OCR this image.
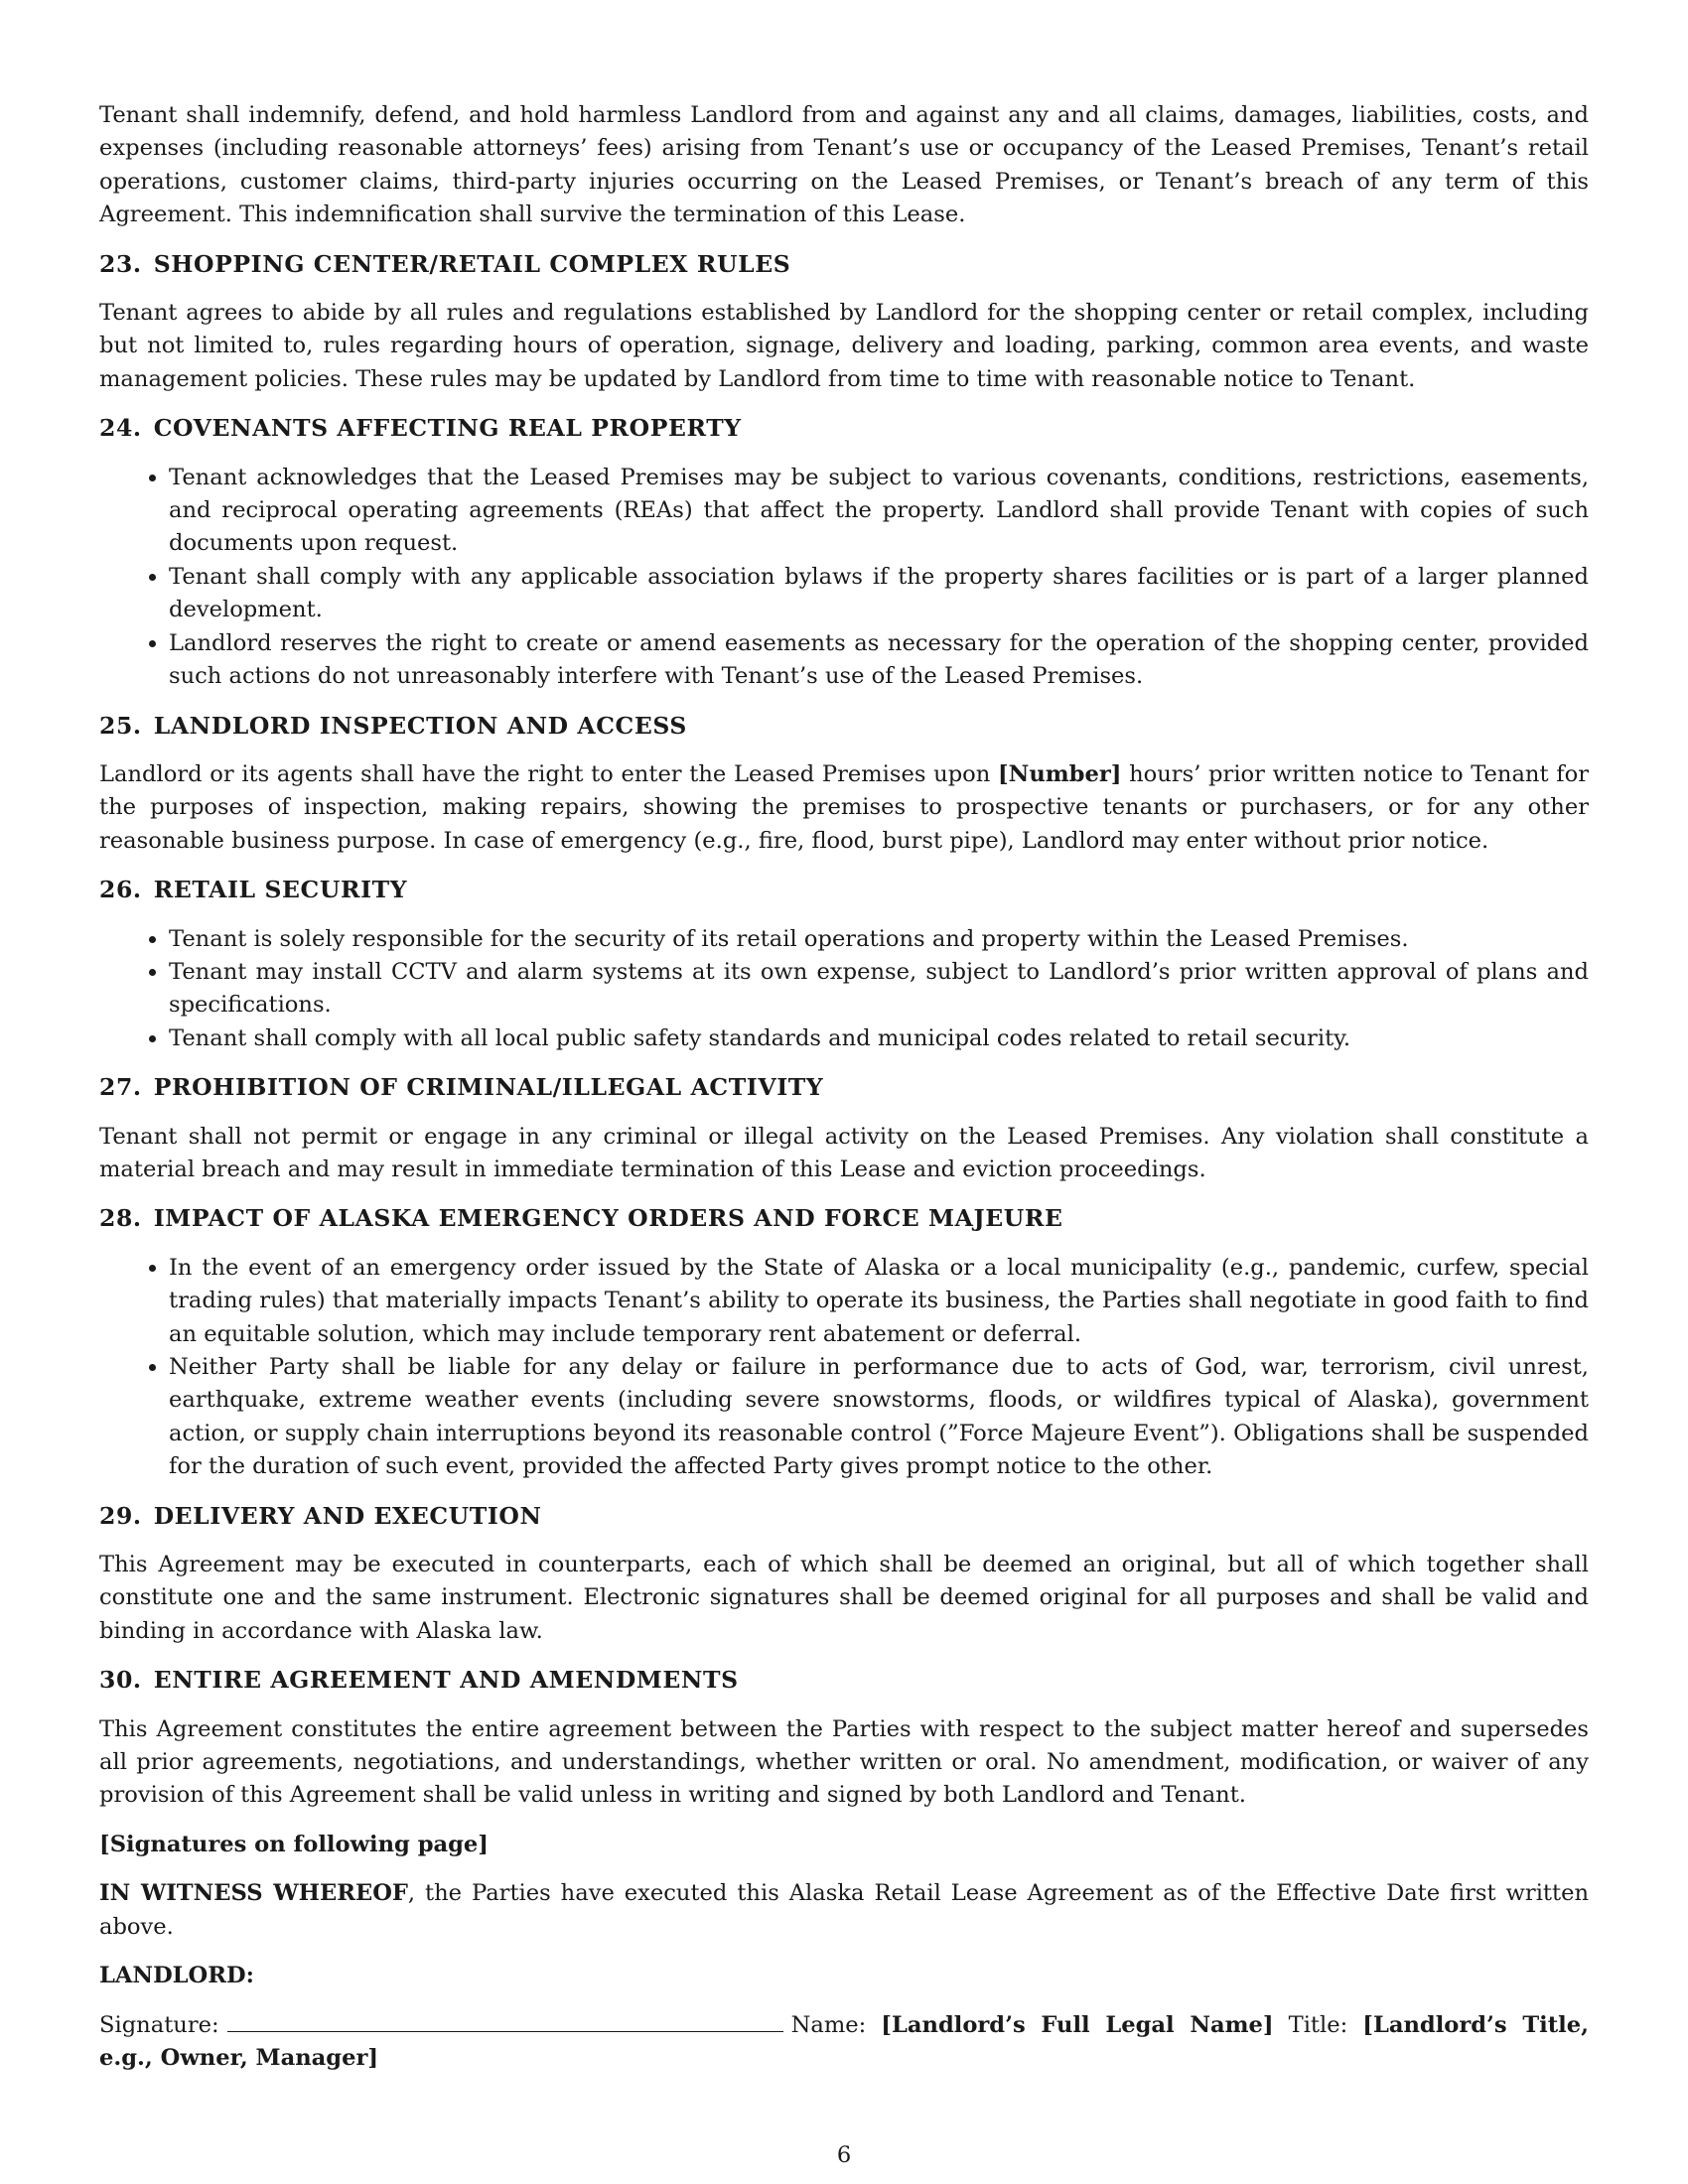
Tenant shall indemnify, defend, and hold harmless Landlord from and against any and all claims, damages, liabilities, costs, and expenses (including reasonable attorneys’ fees) arising from Tenant’s use or occupancy of the Leased Premises, Tenant’s retail operations, customer claims, third-party injuries occurring on the Leased Premises, or Tenant’s breach of any term of this Agreement. This indemnification shall survive the termination of this Lease.

23. SHOPPING CENTER/RETAIL COMPLEX RULES

Tenant agrees to abide by all rules and regulations established by Landlord for the shopping center or retail complex, including but not limited to, rules regarding hours of operation, signage, delivery and loading, parking, common area events, and waste management policies. These rules may be updated by Landlord from time to time with reasonable notice to Tenant.

24. COVENANTS AFFECTING REAL PROPERTY
• Tenant acknowledges that the Leased Premises may be subject to various covenants, conditions, restrictions, easements, and reciprocal operating agreements (REAs) that affect the property. Landlord shall provide Tenant with copies of such documents upon request.
• Tenant shall comply with any applicable association bylaws if the property shares facilities or is part of a larger planned development.
• Landlord reserves the right to create or amend easements as necessary for the operation of the shopping center, provided such actions do not unreasonably interfere with Tenant’s use of the Leased Premises.
25. LANDLORD INSPECTION AND ACCESS

Landlord or its agents shall have the right to enter the Leased Premises upon [Number] hours’ prior written notice to Tenant for the purposes of inspection, making repairs, showing the premises to prospective tenants or purchasers, or for any other reasonable business purpose. In case of emergency (e.g., fire, flood, burst pipe), Landlord may enter without prior notice.

26. RETAIL SECURITY
• Tenant is solely responsible for the security of its retail operations and property within the Leased Premises.
• Tenant may install CCTV and alarm systems at its own expense, subject to Landlord’s prior written approval of plans and specifications.
• Tenant shall comply with all local public safety standards and municipal codes related to retail security.
27. PROHIBITION OF CRIMINAL/ILLEGAL ACTIVITY

Tenant shall not permit or engage in any criminal or illegal activity on the Leased Premises. Any violation shall constitute a material breach and may result in immediate termination of this Lease and eviction proceedings.

28. IMPACT OF ALASKA EMERGENCY ORDERS AND FORCE MAJEURE
• In the event of an emergency order issued by the State of Alaska or a local municipality (e.g., pandemic, curfew, special trading rules) that materially impacts Tenant’s ability to operate its business, the Parties shall negotiate in good faith to find an equitable solution, which may include temporary rent abatement or deferral.
• Neither Party shall be liable for any delay or failure in performance due to acts of God, war, terrorism, civil unrest, earthquake, extreme weather events (including severe snowstorms, floods, or wildfires typical of Alaska), government action, or supply chain interruptions beyond its reasonable control (”Force Majeure Event”). Obligations shall be suspended for the duration of such event, provided the affected Party gives prompt notice to the other.
29. DELIVERY AND EXECUTION

This Agreement may be executed in counterparts, each of which shall be deemed an original, but all of which together shall constitute one and the same instrument. Electronic signatures shall be deemed original for all purposes and shall be valid and binding in accordance with Alaska law.

30. ENTIRE AGREEMENT AND AMENDMENTS

This Agreement constitutes the entire agreement between the Parties with respect to the subject matter hereof and supersedes all prior agreements, negotiations, and understandings, whether written or oral. No amendment, modification, or waiver of any provision of this Agreement shall be valid unless in writing and signed by both Landlord and Tenant.

[Signatures on following page]

IN WITNESS WHEREOF, the Parties have executed this Alaska Retail Lease Agreement as of the Effective Date first written above.

LANDLORD:

Signature:	Name: [Landlord’s Full Legal Name] Title: [Landlord’s Title, e.g., Owner, Manager]

6
